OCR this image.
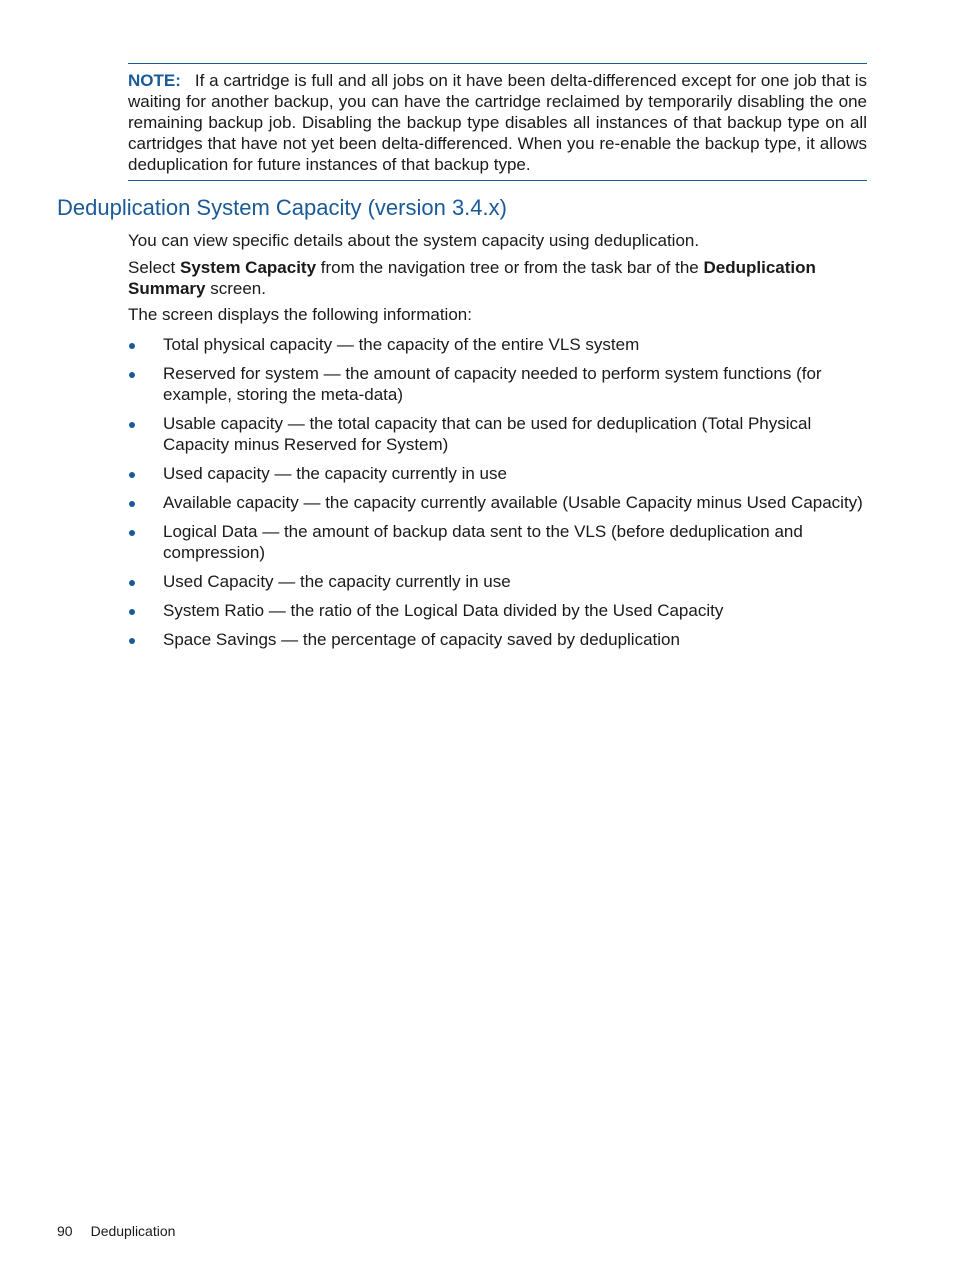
NOTE: If a cartridge is full and all jobs on it have been delta-differenced except for one job that is waiting for another backup, you can have the cartridge reclaimed by temporarily disabling the one remaining backup job. Disabling the backup type disables all instances of that backup type on all cartridges that have not yet been delta-differenced. When you re-enable the backup type, it allows deduplication for future instances of that backup type.
Deduplication System Capacity (version 3.4.x)

You can view specific details about the system capacity using deduplication.

Select System Capacity from the navigation tree or from the task bar of the Deduplication Summary screen.

The screen displays the following information:

Total physical capacity — the capacity of the entire VLS system
Reserved for system — the amount of capacity needed to perform system functions (for example, storing the meta-data)
Usable capacity — the total capacity that can be used for deduplication (Total Physical Capacity minus Reserved for System)
Used capacity — the capacity currently in use
Available capacity — the capacity currently available (Usable Capacity minus Used Capacity)
Logical Data — the amount of backup data sent to the VLS (before deduplication and compression)
Used Capacity — the capacity currently in use
System Ratio — the ratio of the Logical Data divided by the Used Capacity
Space Savings — the percentage of capacity saved by deduplication
90 Deduplication
